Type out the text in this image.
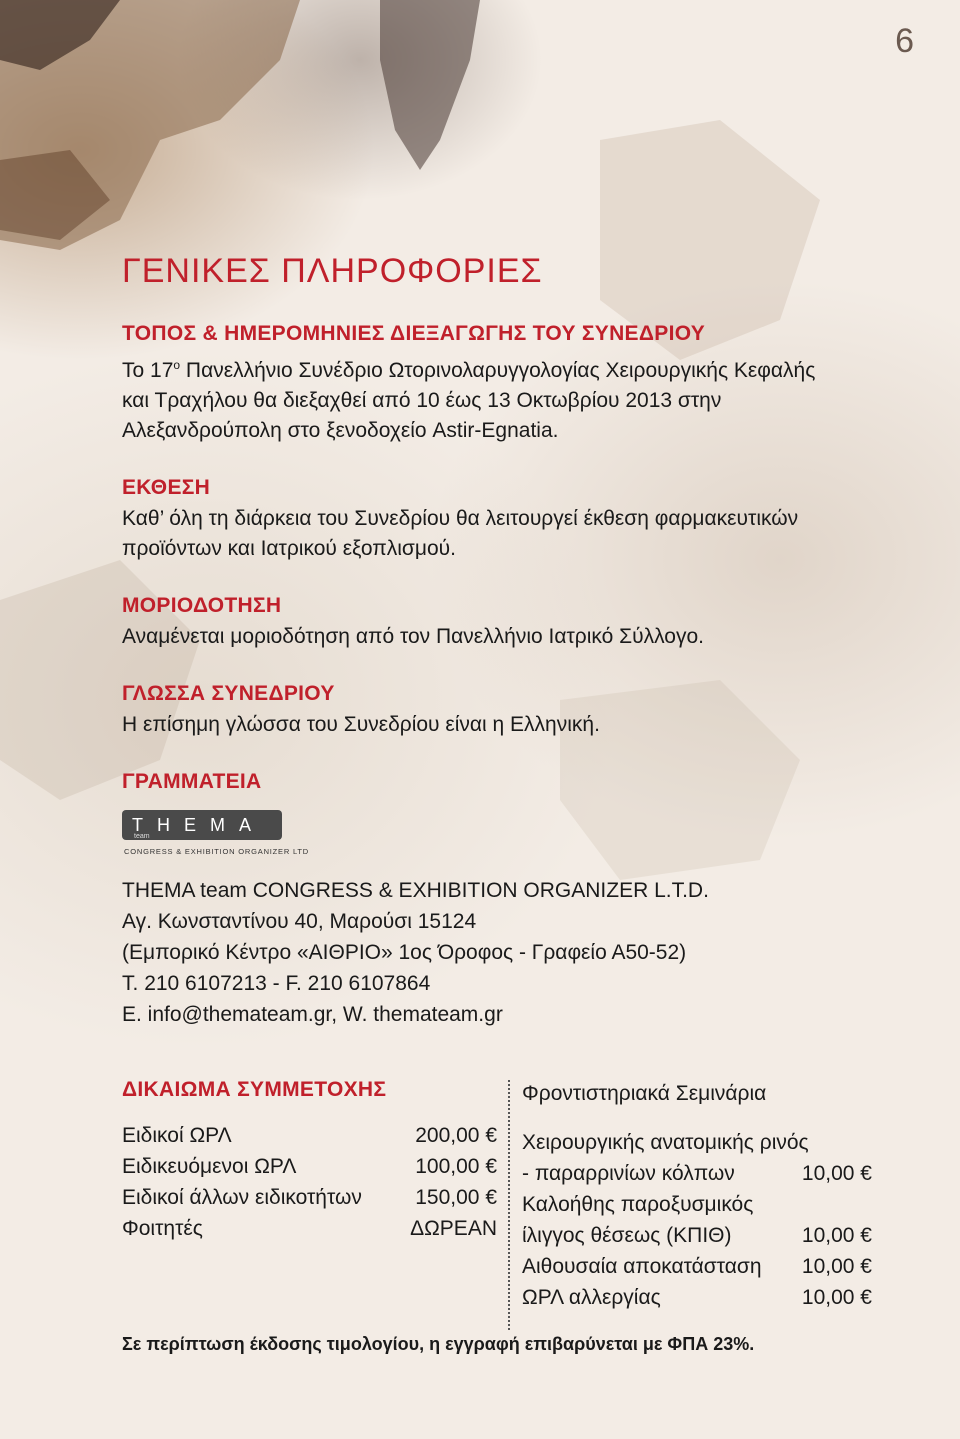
6
ΓΕΝΙΚΕΣ ΠΛΗΡΟΦΟΡΙΕΣ
ΤΟΠΟΣ & ΗΜΕΡΟΜΗΝΙΕΣ ΔΙΕΞΑΓΩΓΗΣ ΤΟΥ ΣΥΝΕΔΡΙΟΥ

Το $17^o$ Πανελλήνιο Συνέδριο Ωτορινολαρυγγολογίας Χειρουργικής Κεφαλής και Τραχήλου θα διεξαχθεί από 10 έως 13 Οκτωβρίου 2013 στην Αλεξανδρούπολη στο ξενοδοχείο Astir-Egnatia.

ΕΚΘΕΣΗ

Καθ’ όλη τη διάρκεια του Συνεδρίου θα λειτουργεί έκθεση φαρμακευτικών προϊόντων και Ιατρικού εξοπλισμού.

ΜΟΡΙΟΔΟΤΗΣΗ

Αναμένεται μοριοδότηση από τον Πανελλήνιο Ιατρικό Σύλλογο.

ΓΛΩΣΣΑ ΣΥΝΕΔΡΙΟΥ

Η επίσημη γλώσσα του Συνεδρίου είναι η Ελληνική.

ΓΡΑΜΜΑΤΕΙΑ
THEMA
team
CONGRESS & EXHIBITION ORGANIZER LTD

THEMA team CONGRESS & EXHIBITION ORGANIZER L.T.D.

Αγ. Κωνσταντίνου 40, Μαρούσι 15124

(Εμπορικό Κέντρο «ΑΙΘΡΙΟ» 1ος Όροφος - Γραφείο Α50-52)

Τ. 210 6107213 - F. 210 6107864

E. info@thematеam.gr, W. themateam.gr

ΔΙΚΑΙΩΜΑ ΣΥΜΜΕΤΟΧΗΣ
Ειδικοί ΩΡΛ	200,00 €
Ειδικευόμενοι ΩΡΛ	100,00 €
Ειδικοί άλλων ειδικοτήτων	150,00 €
Φοιτητές	ΔΩΡΕΑΝ

Φροντιστηριακά Σεμινάρια

Χειρουργικής ανατομικής ρινός
- παραρρινίων κόλπων	10,00 €
Καλοήθης παροξυσμικός
ίλιγγος θέσεως (ΚΠΙΘ)	10,00 €
Αιθουσαία αποκατάσταση 10,00 €
ΩΡΛ αλλεργίας	10,00 €
Σε περίπτωση έκδοσης τιμολογίου, η εγγραφή επιβαρύνεται με ΦΠΑ 23%.
